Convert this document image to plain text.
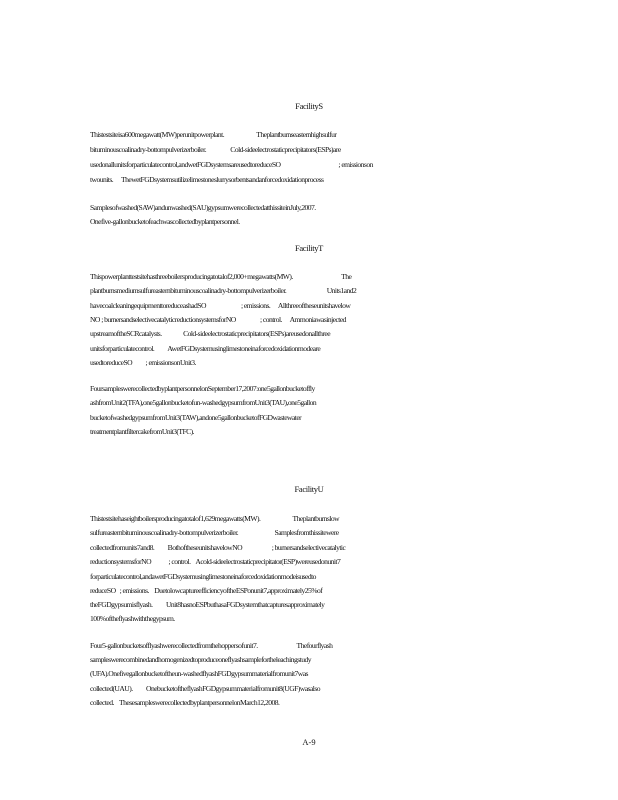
FacilityS
Thistestsiteisa600megawatt(MW)perunitpowerplant.                        Theplantburnseasternhighsulfur
bituminouscoalinadry-bottompulverizerboiler.                  Cold-sideelectrostaticprecipitators(ESPs)are
usedonallunitsforparticulatecontrol,andwetFGDsystemsareusedtoreduceSO                                           ; emissionson
twounits.      ThewetFGDsystemsutilizelimestoneslurrysorbentsandanforcedoxidationprocess
Samplesofwashed(SAW)andunwashed(SAU)gypsumwerecollectedatthissiteinJuly,2007.
Onefive-gallonbucketofeachwascollectedbyplantpersonnel.
FacilityT
Thispowerplanttestsitehasthreeboilersproducingatotalof2,000+megawatts(MW).                                    The
plantburnsmediumsulfureasternbituminouscoalinadry-bottompulverizerboiler.                              Units1and2
havecoalcleaningequipmenttoreduceashadSO                          ; emissions.      Allthreeoftheseunitshavelow
NO ; burnersandselectivecatalyticreductionsystemsforNO                  ; control.      Ammoniawasinjected
upstreamoftheSCRcatalysts.                Cold-sideelectrostaticprecipitators(ESPs)areusedonallthree
unitsforparticulatecontrol.          AwetFGDsystemusinglimestoneinaforcedoxidationmodeare
usedtoreduceSO          ; emissionsonUnit3.
FoursampleswerecollectedbyplantpersonnelonSeptember17,2007:one5gallonbucketoffly
ashfromUnit2(TFA),one5gallonbucketofun-washedgypsumfromUnit3(TAU),one5gallon
bucketofwashedgypsumfromUnit3(TAW),andone5gallonbucketofFGDwastewater
treatmentplantfiltercakefromUnit3(TFC).
FacilityU
Thistestsitehaseightboilersproducingatotalof1,629megawatts(MW).                        Theplantburnslow
sulfureasternbituminouscoalinadry-bottompulverizerboiler.                           Samplesfromthissitewere
collectedfromunits7and8.          BothoftheseunitshavelowNO                      ; burnersandselectivecatalytic
reductionsystemsforNO             ; control.    Acold-sideelectrostaticprecipitator(ESP)wereusedonunit7
forparticulatecontrol,andawetFGDsystemusinglimestoneinaforcedoxidationmodeisusedto
reduceSO   ; emissions.    DuetolowcaptureefficiencyoftheESPonunit7,approximately25%of
theFGDgypsumisflyash.          Unit8hasnoESPbuthasaFGDsystemthatcapturesapproximately
100%oftheflyashwiththegypsum.
Four5-gallonbucketsofflyashwerecollectedfromthehoppersofunit7.                             Thefourflyash
sampleswerecombinedandhomogenizedtoproduceoneflyashsamplefortheleachingstudy
(UFA).Onefivegallonbucketoftheun-washedflyashFGDgypsummaterialfromunit7was
collected(UAU).          OnebucketoftheflyashFGDgypsummaterialfromunit8(UGF)wasalso
collected.    ThesesampleswerecollectedbyplantpersonnelonMarch12,2008.
A-9
